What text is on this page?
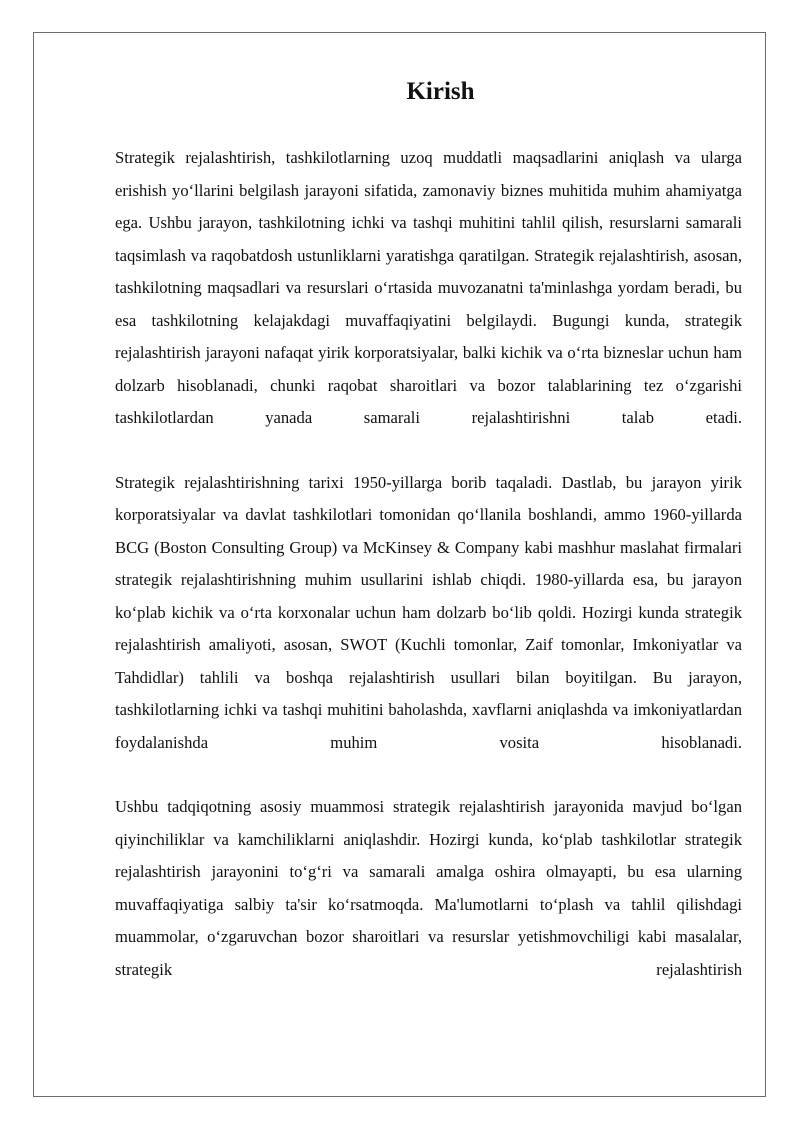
Kirish

Strategik rejalashtirish, tashkilotlarning uzoq muddatli maqsadlarini aniqlash va ularga erishish yo‘llarini belgilash jarayoni sifatida, zamonaviy biznes muhitida muhim ahamiyatga ega. Ushbu jarayon, tashkilotning ichki va tashqi muhitini tahlil qilish, resurslarni samarali taqsimlash va raqobatdosh ustunliklarni yaratishga qaratilgan. Strategik rejalashtirish, asosan, tashkilotning maqsadlari va resurslari o‘rtasida muvozanatni ta'minlashga yordam beradi, bu esa tashkilotning kelajakdagi muvaffaqiyatini belgilaydi. Bugungi kunda, strategik rejalashtirish jarayoni nafaqat yirik korporatsiyalar, balki kichik va o‘rta bizneslar uchun ham dolzarb hisoblanadi, chunki raqobat sharoitlari va bozor talablarining tez o‘zgarishi tashkilotlardan yanada samarali rejalashtirishni talab etadi.

Strategik rejalashtirishning tarixi 1950-yillarga borib taqaladi. Dastlab, bu jarayon yirik korporatsiyalar va davlat tashkilotlari tomonidan qo‘llanila boshlandi, ammo 1960-yillarda BCG (Boston Consulting Group) va McKinsey & Company kabi mashhur maslahat firmalari strategik rejalashtirishning muhim usullarini ishlab chiqdi. 1980-yillarda esa, bu jarayon ko‘plab kichik va o‘rta korxonalar uchun ham dolzarb bo‘lib qoldi. Hozirgi kunda strategik rejalashtirish amaliyoti, asosan, SWOT (Kuchli tomonlar, Zaif tomonlar, Imkoniyatlar va Tahdidlar) tahlili va boshqa rejalashtirish usullari bilan boyitilgan. Bu jarayon, tashkilotlarning ichki va tashqi muhitini baholashda, xavflarni aniqlashda va imkoniyatlardan foydalanishda muhim vosita hisoblanadi.

Ushbu tadqiqotning asosiy muammosi strategik rejalashtirish jarayonida mavjud bo‘lgan qiyinchiliklar va kamchiliklarni aniqlashdir. Hozirgi kunda, ko‘plab tashkilotlar strategik rejalashtirish jarayonini to‘g‘ri va samarali amalga oshira olmayapti, bu esa ularning muvaffaqiyatiga salbiy ta'sir ko‘rsatmoqda. Ma'lumotlarni to‘plash va tahlil qilishdagi muammolar, o‘zgaruvchan bozor sharoitlari va resurslar yetishmovchiligi kabi masalalar, strategik rejalashtirish
